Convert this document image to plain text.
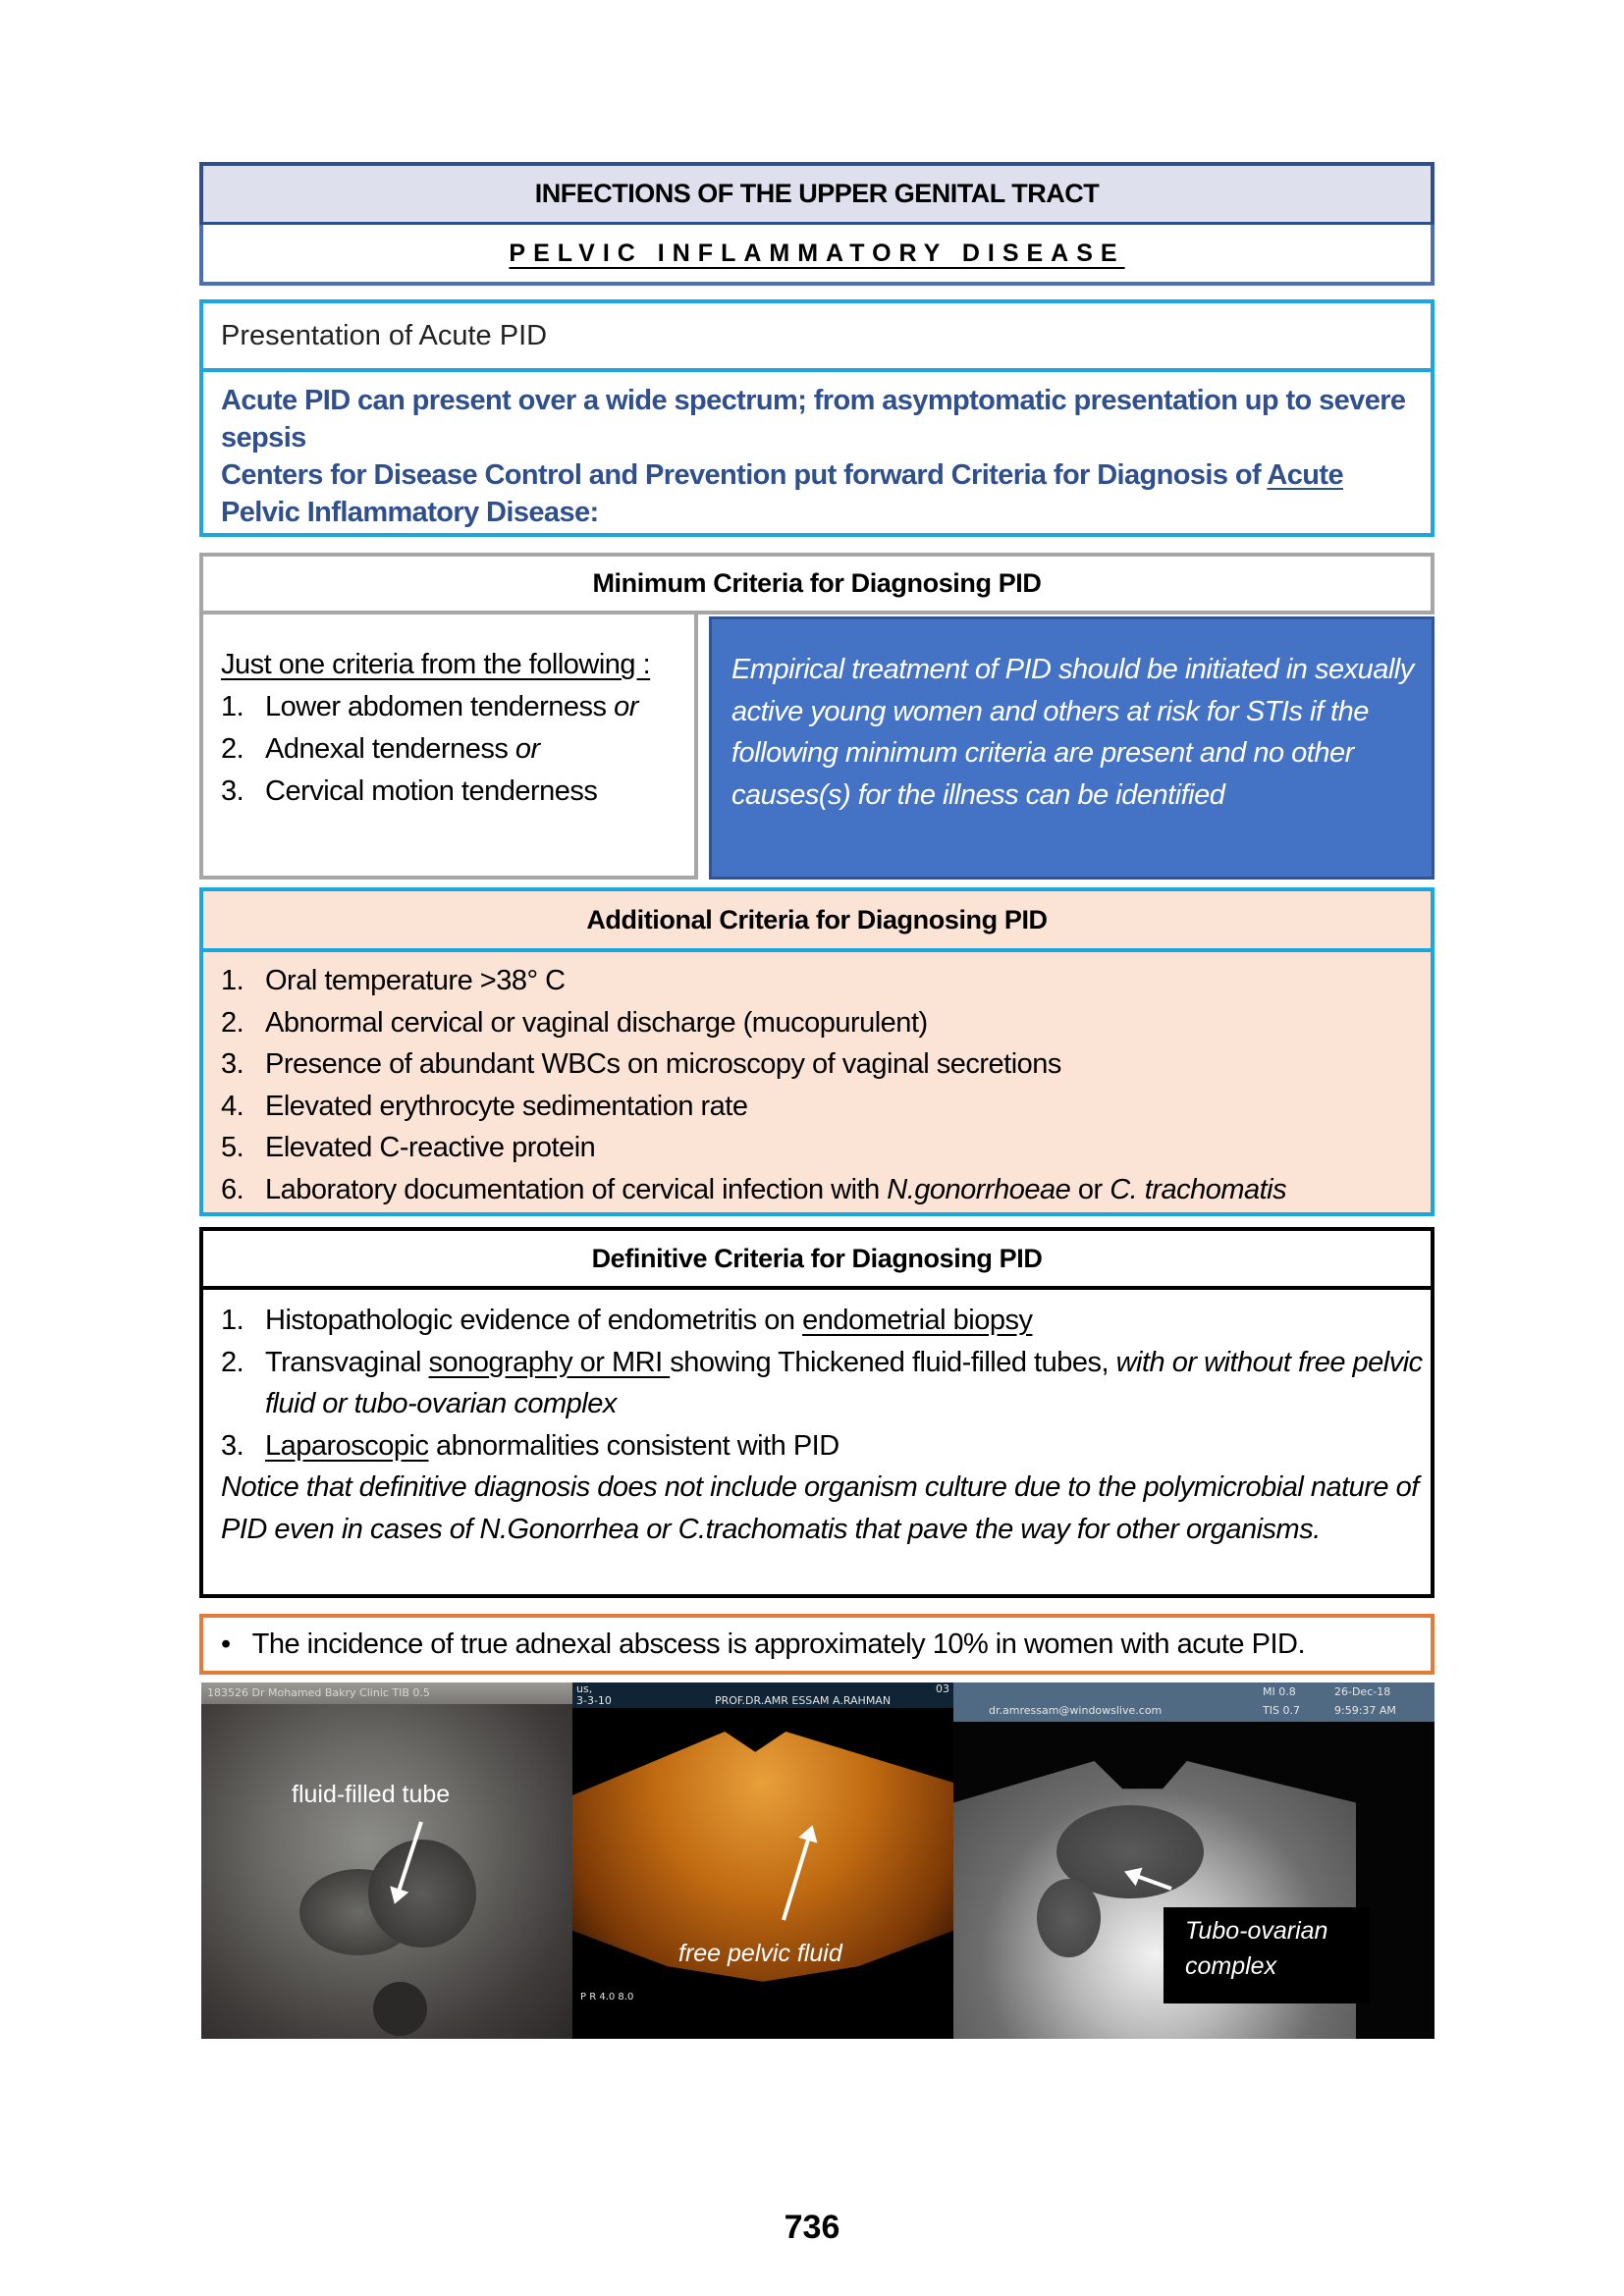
INFECTIONS OF THE UPPER GENITAL TRACT
PELVIC INFLAMMATORY DISEASE
Presentation of Acute PID
Acute PID can present over a wide spectrum; from asymptomatic presentation up to severe sepsis
Centers for Disease Control and Prevention put forward Criteria for Diagnosis of Acute Pelvic Inflammatory Disease:
Minimum Criteria for Diagnosing PID
Just one criteria from the following :
1. Lower abdomen tenderness or
2. Adnexal tenderness or
3. Cervical motion tenderness
Empirical treatment of PID should be initiated in sexually active young women and others at risk for STIs if the following minimum criteria are present and no other causes(s) for the illness can be identified
Additional Criteria for Diagnosing PID
1. Oral temperature >38° C
2. Abnormal cervical or vaginal discharge (mucopurulent)
3. Presence of abundant WBCs on microscopy of vaginal secretions
4. Elevated erythrocyte sedimentation rate
5. Elevated C-reactive protein
6. Laboratory documentation of cervical infection with N.gonorrhoeae or C. trachomatis
Definitive Criteria for Diagnosing PID
1. Histopathologic evidence of endometritis on endometrial biopsy
2. Transvaginal sonography or MRI showing Thickened fluid-filled tubes, with or without free pelvic fluid or tubo-ovarian complex
3. Laparoscopic abnormalities consistent with PID
Notice that definitive diagnosis does not include organism culture due to the polymicrobial nature of PID even in cases of N.Gonorrhea or C.trachomatis that pave the way for other organisms.
• The incidence of true adnexal abscess is approximately 10% in women with acute PID.
183526 Dr Mohamed Bakry Clinic TIB 0.5
fluid-filled tube
us,
3-3-10	PROF.DR.AMR ESSAM A.RAHMAN
03
free pelvic fluid
P R 4.0 8.0
dr.amressam@windowslive.com
MI 0.8
TIS 0.7
26-Dec-18
9:59:37 AM
Tubo-ovarian
complex
736
